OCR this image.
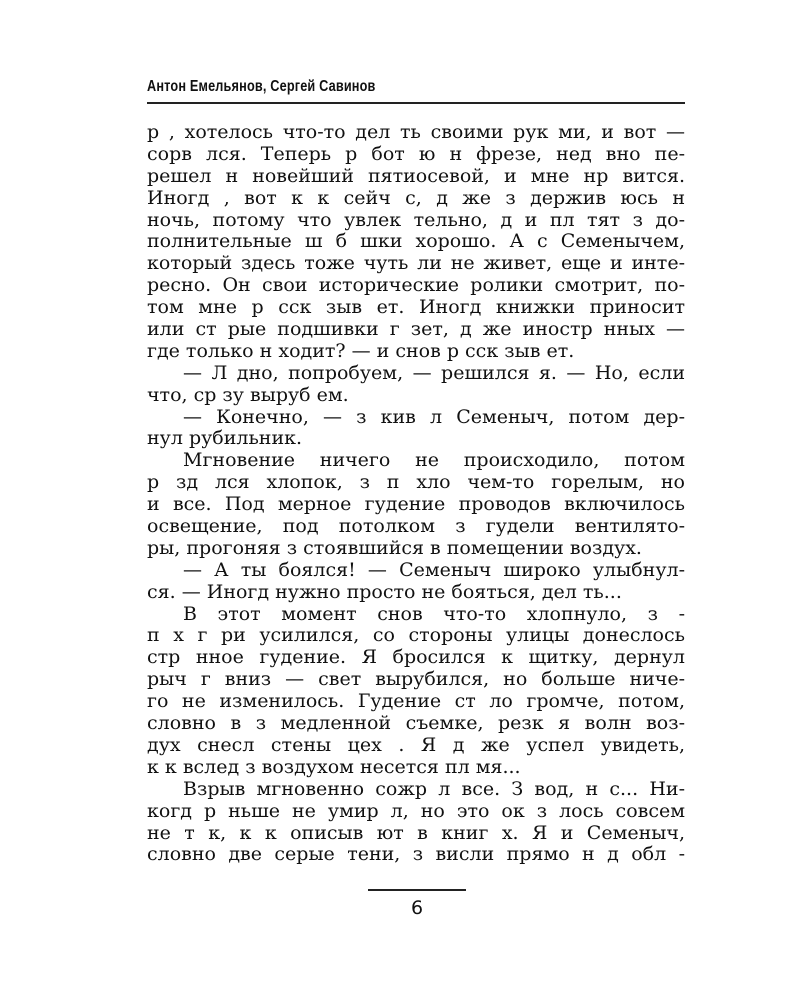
Антон Емельянов, Сергей Савинов
р , хотелось что-то дел ть своими рук ми, и вот —
сорв лся. Теперь р бот ю н фрезе, нед вно пе-
решел н новейший пятиосевой, и мне нр вится.
Иногд , вот к к сейч с, д же з держив юсь н
ночь, потому что увлек тельно, д и пл тят з до-
полнительные ш б шки хорошо. А с Семенычем,
который здесь тоже чуть ли не живет, еще и инте-
ресно. Он свои исторические ролики смотрит, по-
том мне р сск зыв ет. Иногд книжки приносит
или ст рые подшивки г зет, д же иностр нных —
где только н ходит? — и снов р сск зыв ет.
— Л дно, попробуем, — решился я. — Но, если
что, ср зу выруб ем.
— Конечно, — з кив л Семеныч, потом дер-
нул рубильник.
Мгновение ничего не происходило, потом
р зд лся хлопок, з п хло чем-то горелым, но
и все. Под мерное гудение проводов включилось
освещение, под потолком з гудели вентилято-
ры, прогоняя з стоявшийся в помещении воздух.
— А ты боялся! — Семеныч широко улыбнул-
ся. — Иногд нужно просто не бояться, дел ть...
В этот момент снов что-то хлопнуло, з -
п х г ри усилился, со стороны улицы донеслось
стр нное гудение. Я бросился к щитку, дернул
рыч г вниз — свет вырубился, но больше ниче-
го не изменилось. Гудение ст ло громче, потом,
словно в з медленной съемке, резк я волн воз-
дух снесл стены цех . Я д же успел увидеть,
к к вслед з воздухом несется пл мя...
Взрыв мгновенно сожр л все. З вод, н с... Ни-
когд р ньше не умир л, но это ок з лось совсем
не т к, к к описыв ют в книг х. Я и Семеныч,
словно две серые тени, з висли прямо н д обл -
6
